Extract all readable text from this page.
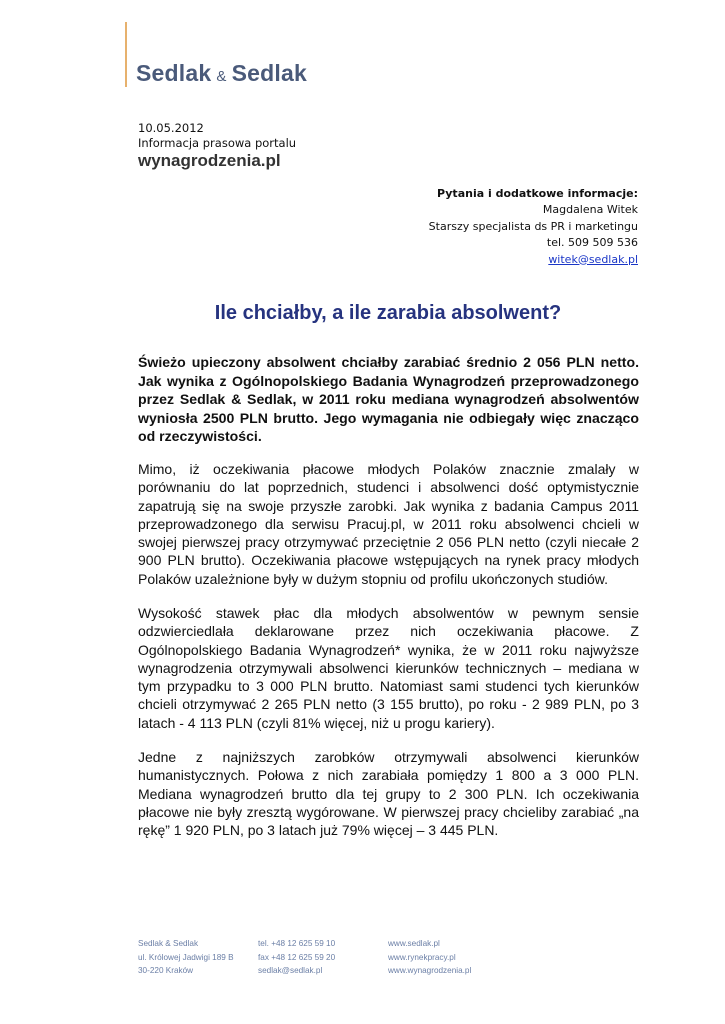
Sedlak & Sedlak
10.05.2012
Informacja prasowa portalu
wynagrodzenia.pl
Pytania i dodatkowe informacje:
Magdalena Witek
Starszy specjalista ds PR i marketingu
tel. 509 509 536
witek@sedlak.pl
Ile chciałby, a ile zarabia absolwent?
Świeżo upieczony absolwent chciałby zarabiać średnio 2 056 PLN netto. Jak wynika z Ogólnopolskiego Badania Wynagrodzeń przeprowadzonego przez Sedlak & Sedlak, w 2011 roku mediana wynagrodzeń absolwentów wyniosła 2500 PLN brutto. Jego wymagania nie odbiegały więc znacząco od rzeczywistości.
Mimo, iż oczekiwania płacowe młodych Polaków znacznie zmalały w porównaniu do lat poprzednich, studenci i absolwenci dość optymistycznie zapatrują się na swoje przyszłe zarobki. Jak wynika z badania Campus 2011 przeprowadzonego dla serwisu Pracuj.pl, w 2011 roku absolwenci chcieli w swojej pierwszej pracy otrzymywać przeciętnie 2 056 PLN netto (czyli niecałe 2 900 PLN brutto). Oczekiwania płacowe wstępujących na rynek pracy młodych Polaków uzależnione były w dużym stopniu od profilu ukończonych studiów.
Wysokość stawek płac dla młodych absolwentów w pewnym sensie odzwierciedlała deklarowane przez nich oczekiwania płacowe. Z Ogólnopolskiego Badania Wynagrodzeń* wynika, że w 2011 roku najwyższe wynagrodzenia otrzymywali absolwenci kierunków technicznych – mediana w tym przypadku to 3 000 PLN brutto. Natomiast sami studenci tych kierunków chcieli otrzymywać 2 265 PLN netto (3 155 brutto), po roku - 2 989 PLN, po 3 latach - 4 113 PLN (czyli 81% więcej, niż u progu kariery).
Jedne z najniższych zarobków otrzymywali absolwenci kierunków humanistycznych. Połowa z nich zarabiała pomiędzy 1 800 a 3 000 PLN. Mediana wynagrodzeń brutto dla tej grupy to 2 300 PLN. Ich oczekiwania płacowe nie były zresztą wygórowane. W pierwszej pracy chcieliby zarabiać „na rękę” 1 920 PLN, po 3 latach już 79% więcej – 3 445 PLN.
Sedlak & Sedlak
ul. Królowej Jadwigi 189 B
30-220 Kraków
tel. +48 12 625 59 10
fax +48 12 625 59 20
sedlak@sedlak.pl
www.sedlak.pl
www.rynekpracy.pl
www.wynagrodzenia.pl
